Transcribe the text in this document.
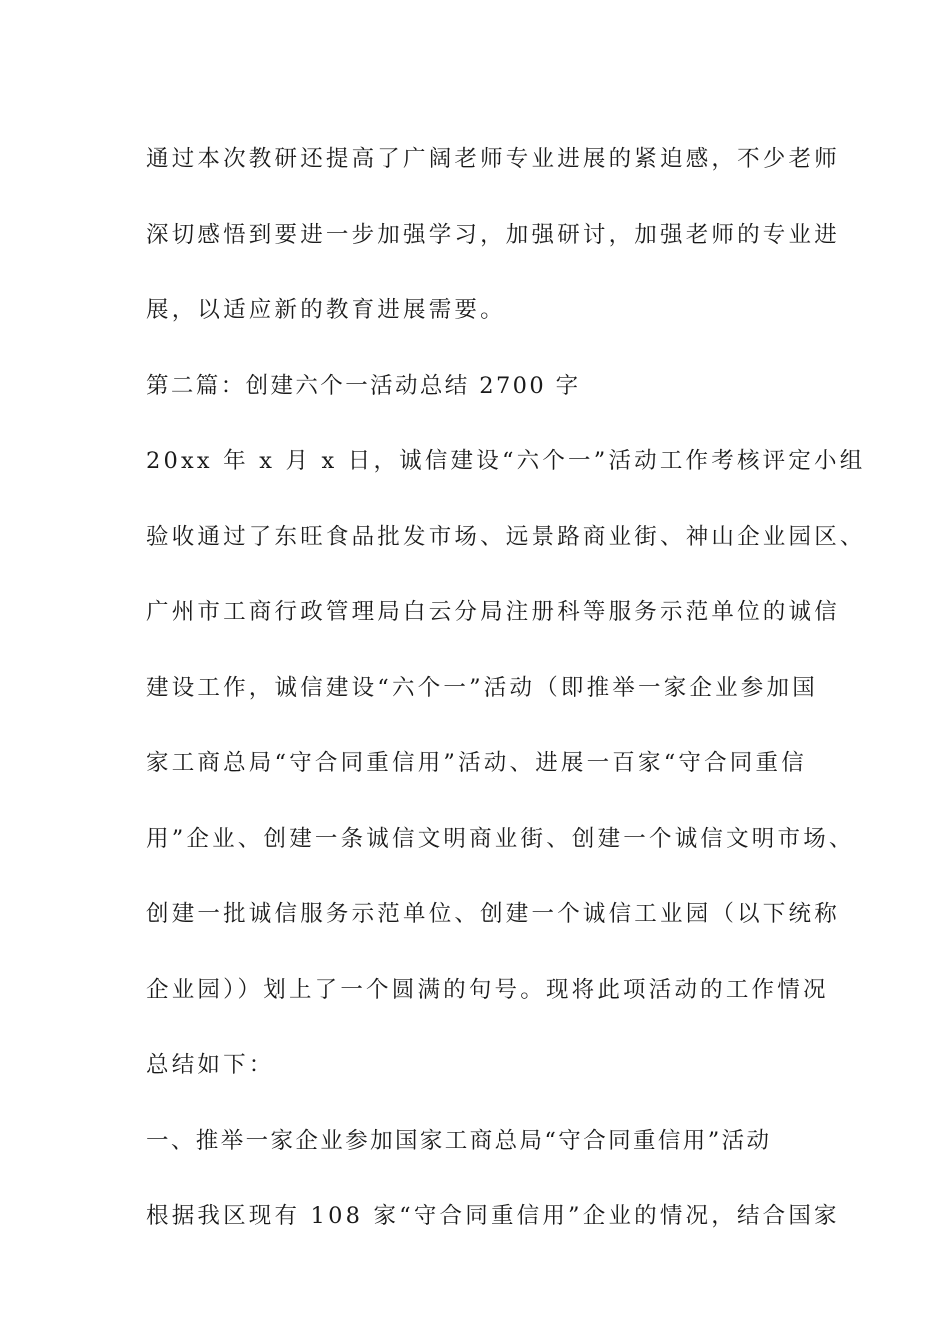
通过本次教研还提高了广阔老师专业进展的紧迫感，不少老师
深切感悟到要进一步加强学习，加强研讨，加强老师的专业进
展，以适应新的教育进展需要。
第二篇：创建六个一活动总结 2700 字
20xx 年 x 月 x 日，诚信建设“六个一”活动工作考核评定小组
验收通过了东旺食品批发市场、远景路商业街、神山企业园区、
广州市工商行政管理局白云分局注册科等服务示范单位的诚信
建设工作，诚信建设“六个一”活动（即推举一家企业参加国
家工商总局“守合同重信用”活动、进展一百家“守合同重信
用”企业、创建一条诚信文明商业街、创建一个诚信文明市场、
创建一批诚信服务示范单位、创建一个诚信工业园（以下统称
企业园））划上了一个圆满的句号。现将此项活动的工作情况
总结如下：
一、推举一家企业参加国家工商总局“守合同重信用”活动
根据我区现有 108 家“守合同重信用”企业的情况，结合国家
